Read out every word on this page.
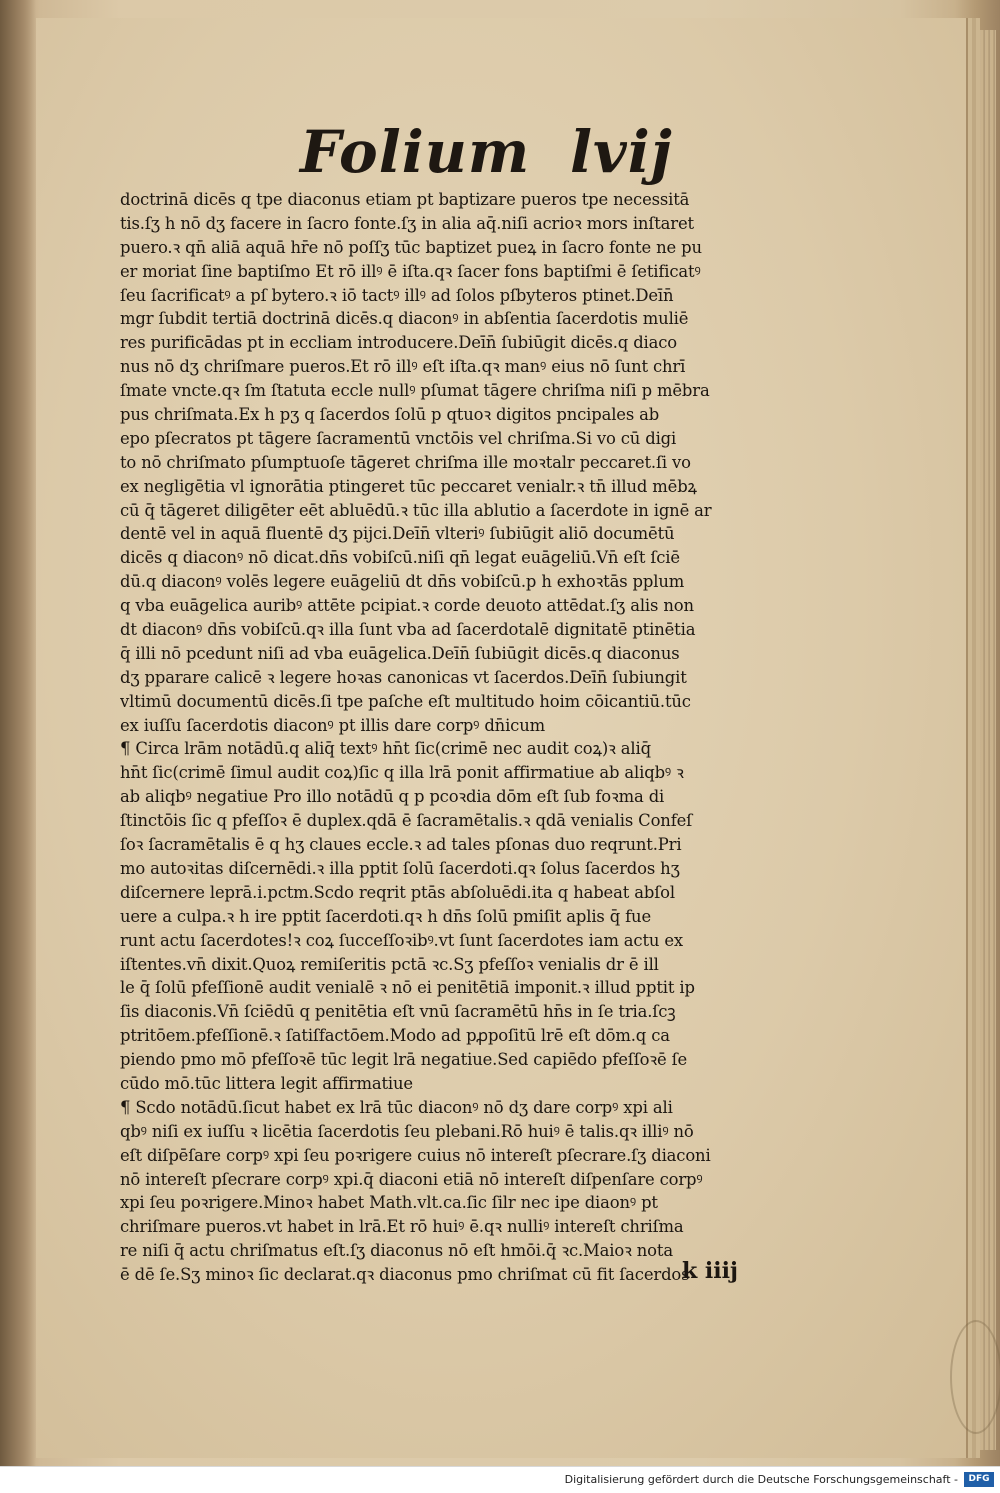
Folium lvij
doctrinā dicēs q tpe diaconus etiam pt baptizare pueros tpe necessitā
tis.ſʒ h nō dʒ facere in ſacro fonte.ſʒ in alia aq̄.niſi acrioꝛ mors inſtaret
puero.ꝛ qn̄ aliā aquā hr̄e nō poſſʒ tūc baptizet pueꝝ in ſacro fonte ne pu
er moriat ſine baptiſmo Et rō illꝰ ē iſta.qꝛ ſacer fons baptiſmi ē ſetificatꝰ
ſeu ſacrificatꝰ a pſ bytero.ꝛ iō tactꝰ illꝰ ad ſolos pſbyteros ptinet.Deīn̄
mgr ſubdit tertiā doctrinā dicēs.q diaconꝰ in abſentia ſacerdotis muliē
res purificādas pt in eccliam introducere.Deīn̄ ſubiūgit dicēs.q diaco
nus nō dʒ chriſmare pueros.Et rō illꝰ eſt iſta.qꝛ manꝰ eius nō ſunt chrī
ſmate vncte.qꝛ ſm ſtatuta eccle nullꝰ pſumat tāgere chriſma niſi p mēbra
pus chriſmata.Ex h pʒ q ſacerdos ſolū p qtuoꝛ digitos pncipales ab
epo pſecratos pt tāgere ſacramentū vnctōis vel chriſma.Si vo cū digi
to nō chriſmato pſumptuoſe tāgeret chriſma ille moꝛtalr peccaret.ſi vo
ex negligētia vl ignorātia ptingeret tūc peccaret venialr.ꝛ tn̄ illud mēbꝝ
cū q̄ tāgeret diligēter eēt abluēdū.ꝛ tūc illa ablutio a ſacerdote in ignē ar
dentē vel in aquā fluentē dʒ pijci.Deīn̄ vlteriꝰ ſubiūgit aliō documētū
dicēs q diaconꝰ nō dicat.dn̄s vobiſcū.niſi qn̄ legat euāgeliū.Vn̄ eſt ſciē
dū.q diaconꝰ volēs legere euāgeliū dt dn̄s vobiſcū.p h exhoꝛtās pplum
q vba euāgelica auribꝰ attēte pcipiat.ꝛ corde deuoto attēdat.ſʒ alis non
dt diaconꝰ dn̄s vobiſcū.qꝛ illa ſunt vba ad ſacerdotalē dignitatē ptinētia
q̄ illi nō pcedunt niſi ad vba euāgelica.Deīn̄ ſubiūgit dicēs.q diaconus
dʒ pparare calicē ꝛ legere hoꝛas canonicas vt ſacerdos.Deīn̄ ſubiungit
vltimū documentū dicēs.ſi tpe paſche eſt multitudo hoim cōicantiū.tūc
ex iuſſu ſacerdotis diaconꝰ pt illis dare corpꝰ dn̄icum
¶ Circa lrām notādū.q aliq̄ textꝰ hn̄t ſic(crimē nec audit coꝝ)ꝛ aliq̄
hn̄t ſic(crimē ſimul audit coꝝ)ſic q illa lrā ponit affirmatiue ab aliqbꝰ ꝛ
ab aliqbꝰ negatiue Pro illo notādū q p pcoꝛdia dōm eſt ſub foꝛma di
ſtinctōis ſic q pfeſſoꝛ ē duplex.qdā ē ſacramētalis.ꝛ qdā venialis Confeſ
ſoꝛ ſacramētalis ē q hʒ claues eccle.ꝛ ad tales pſonas duo reqrunt.Pri
mo autoꝛitas diſcernēdi.ꝛ illa pptit ſolū ſacerdoti.qꝛ ſolus ſacerdos hʒ
diſcernere leprā.i.pctm.Scdo reqrit ptās abſoluēdi.ita q habeat abſol
uere a culpa.ꝛ h ire pptit ſacerdoti.qꝛ h dn̄s ſolū pmiſit aplis q̄ fue
runt actu ſacerdotes!ꝛ coꝝ ſucceſſoꝛibꝰ.vt ſunt ſacerdotes iam actu ex
iſtentes.vn̄ dixit.Quoꝝ remiſeritis pctā ꝛc.Sʒ pfeſſoꝛ venialis dr ē ill
le q̄ ſolū pfeſſionē audit venialē ꝛ nō ei penitētiā imponit.ꝛ illud pptit ip
ſis diaconis.Vn̄ ſciēdū q penitētia eſt vnū ſacramētū hn̄s in ſe tria.ſcꝫ
ptritōem.pfeſſionē.ꝛ ſatiſfactōem.Modo ad pꝓpoſitū lrē eſt dōm.q ca
piendo pmo mō pfeſſoꝛē tūc legit lrā negatiue.Sed capiēdo pfeſſoꝛē ſe
cūdo mō.tūc littera legit affirmatiue
¶ Scdo notādū.ſicut habet ex lrā tūc diaconꝰ nō dʒ dare corpꝰ xpi ali
qbꝰ niſi ex iuſſu ꝛ licētia ſacerdotis ſeu plebani.Rō huiꝰ ē talis.qꝛ illiꝰ nō
eſt diſpēſare corpꝰ xpi ſeu poꝛrigere cuius nō intereſt pſecrare.ſʒ diaconi
nō intereſt pſecrare corpꝰ xpi.q̄ diaconi etiā nō intereſt diſpenſare corpꝰ
xpi ſeu poꝛrigere.Minoꝛ habet Math.vlt.ca.ſic ſilr nec ipe diaonꝰ pt
chriſmare pueros.vt habet in lrā.Et rō huiꝰ ē.qꝛ nulliꝰ intereſt chriſma
re niſi q̄ actu chriſmatus eſt.ſʒ diaconus nō eſt hmōi.q̄ ꝛc.Maioꝛ nota
ē dē ſe.Sʒ minoꝛ ſic declarat.qꝛ diaconus pmo chriſmat cū fit ſacerdos
k iiij
Digitalisierung gefördert durch die Deutsche Forschungsgemeinschaft -	DFG
